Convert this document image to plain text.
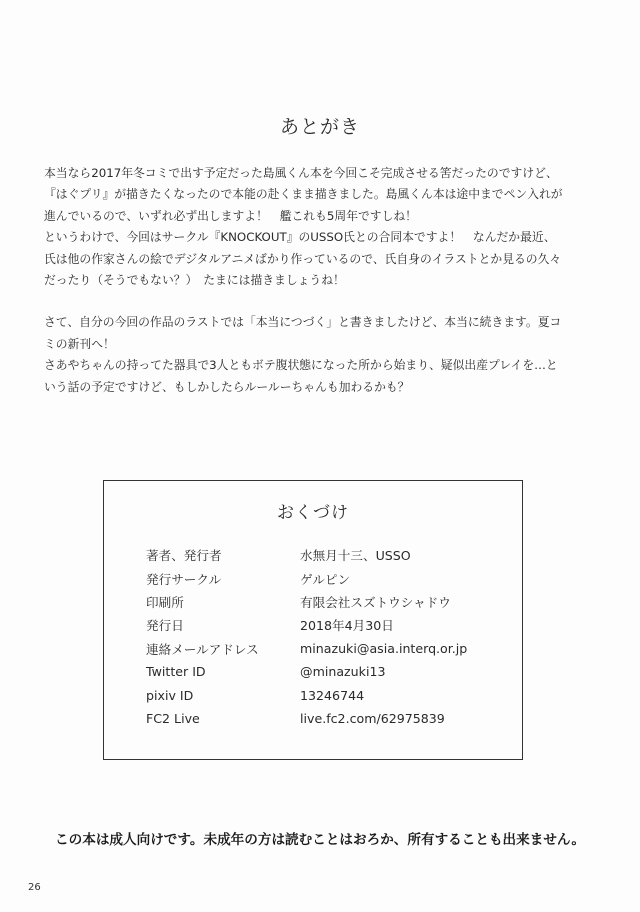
あとがき
本当なら2017年冬コミで出す予定だった島風くん本を今回こそ完成させる筈だったのですけど、
『はぐプリ』が描きたくなったので本能の赴くまま描きました。島風くん本は途中までペン入れが
進んでいるので、いずれ必ず出しますよ！　艦これも5周年ですしね！
というわけで、今回はサークル『KNOCKOUT』のUSSO氏との合同本ですよ！　なんだか最近、
氏は他の作家さんの絵でデジタルアニメばかり作っているので、氏自身のイラストとか見るの久々
だったり（そうでもない？）　たまには描きましょうね！
さて、自分の今回の作品のラストでは「本当につづく」と書きましたけど、本当に続きます。夏コ
ミの新刊へ！
さあやちゃんの持ってた器具で3人ともボテ腹状態になった所から始まり、疑似出産プレイを…と
いう話の予定ですけど、もしかしたらルールーちゃんも加わるかも？
おくづけ
著者、発行者	水無月十三、USSO
発行サークル	ゲルピン
印刷所	有限会社スズトウシャドウ
発行日	2018年4月30日
連絡メールアドレス	minazuki@asia.interq.or.jp
Twitter ID	@minazuki13
pixiv ID	13246744
FC2 Live	live.fc2.com/62975839
この本は成人向けです。未成年の方は読むことはおろか、所有することも出来ません。
26
